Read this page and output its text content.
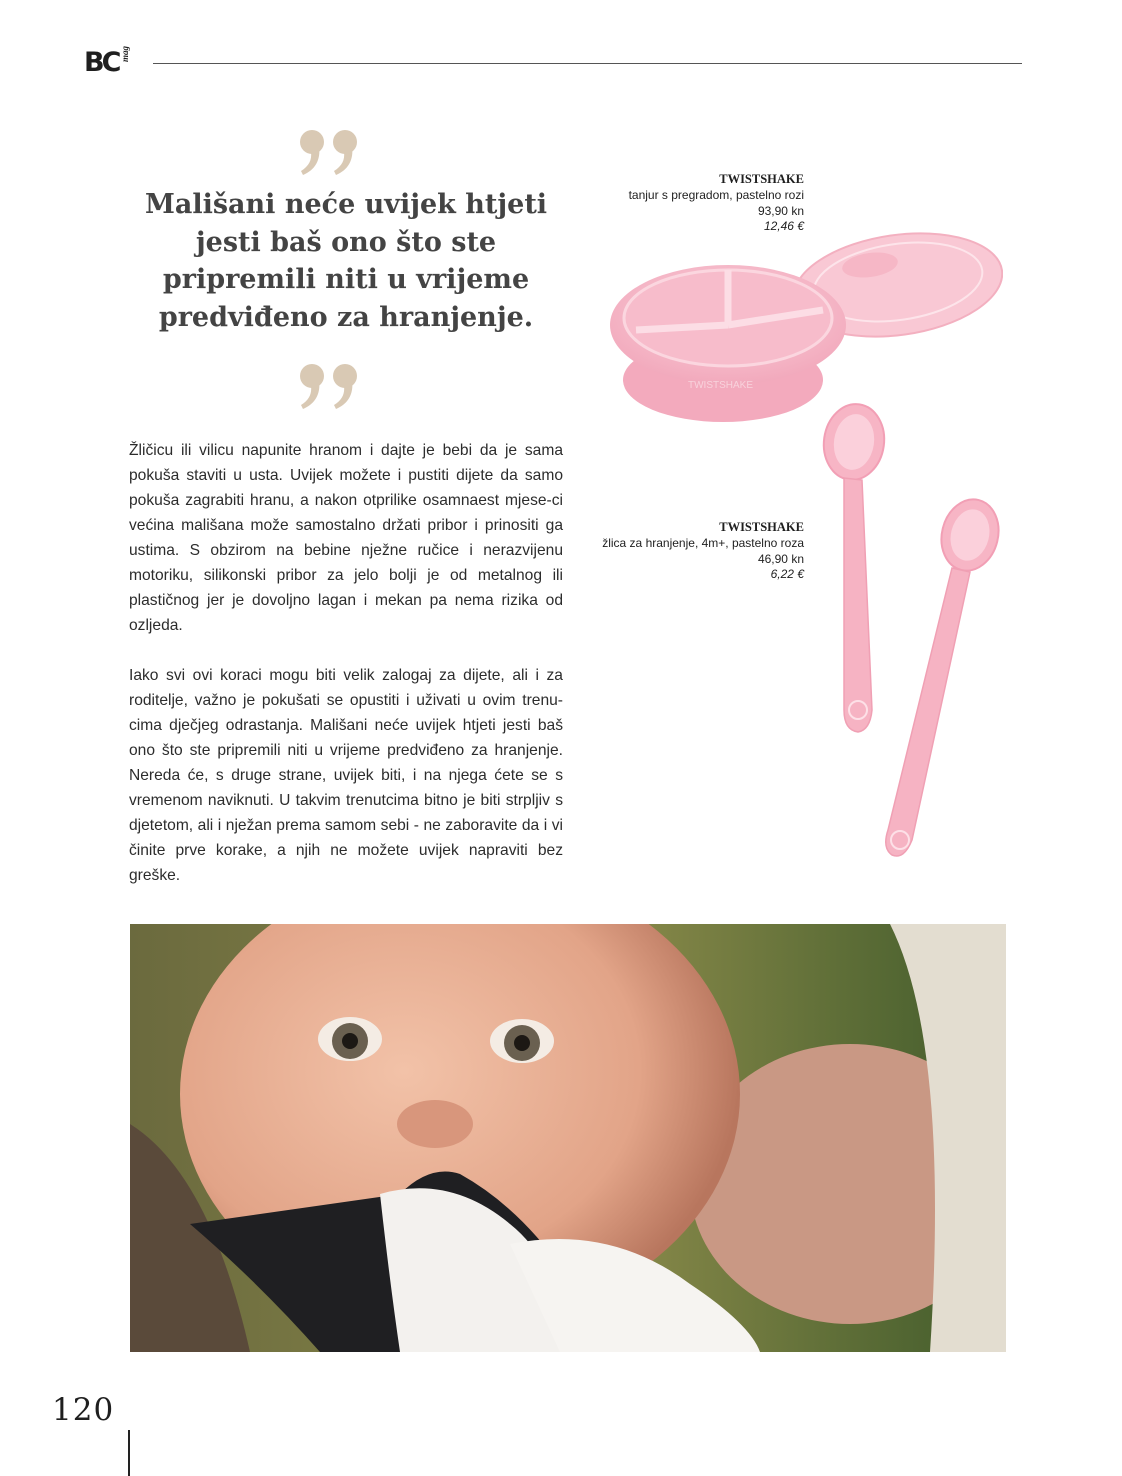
BC mag

Mališani neće uvijek htjeti jesti baš ono što ste pripremili niti u vrijeme predviđeno za hranjenje.

TWISTSHAKE
tanjur s pregradom, pastelno rozi
93,90 kn
12,46 €
TWISTSHAKE
TWISTSHAKE
žlica za hranjenje, 4m+, pastelno roza
46,90 kn
6,22 €

Žličicu ili vilicu napunite hranom i dajte je bebi da je sama pokuša staviti u usta. Uvijek možete i pustiti dijete da samo pokuša zagrabiti hranu, a nakon otprilike osamnaest mjese-ci većina mališana može samostalno držati pribor i prinositi ga ustima. S obzirom na bebine nježne ručice i nerazvijenu motoriku, silikonski pribor za jelo bolji je od metalnog ili plastičnog jer je dovoljno lagan i mekan pa nema rizika od ozljeda.

Iako svi ovi koraci mogu biti velik zalogaj za dijete, ali i za roditelje, važno je pokušati se opustiti i uživati u ovim trenu-cima dječjeg odrastanja. Mališani neće uvijek htjeti jesti baš ono što ste pripremili niti u vrijeme predviđeno za hranjenje. Nereda će, s druge strane, uvijek biti, i na njega ćete se s vremenom naviknuti. U takvim trenutcima bitno je biti strpljiv s djetetom, ali i nježan prema samom sebi - ne zaboravite da i vi činite prve korake, a njih ne možete uvijek napraviti bez greške.

120
